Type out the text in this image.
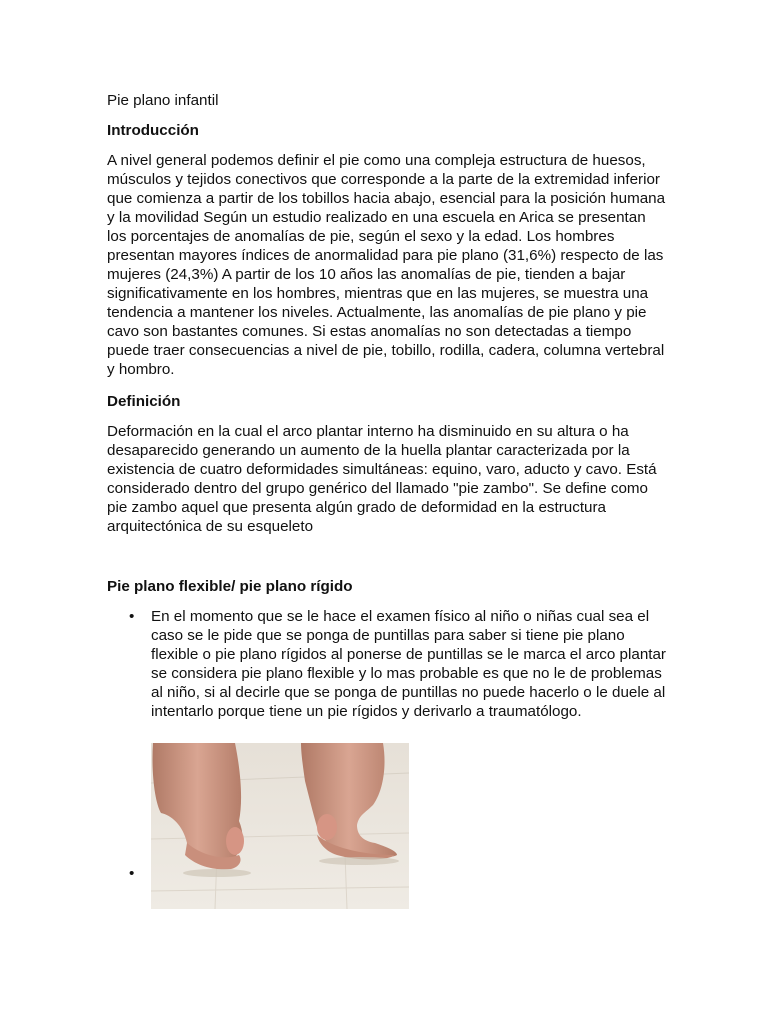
Pie plano infantil

Introducción

A nivel general podemos definir el pie como una compleja estructura de huesos, músculos y tejidos conectivos que corresponde a la parte de la extremidad inferior que comienza a partir de los tobillos hacia abajo, esencial para la posición humana y la movilidad Según un estudio realizado en una escuela en Arica se presentan los porcentajes de anomalías de pie, según el sexo y la edad. Los hombres presentan mayores índices de anormalidad para pie plano (31,6%) respecto de las mujeres (24,3%) A partir de los 10 años las anomalías de pie, tienden a bajar significativamente en los hombres, mientras que en las mujeres, se muestra una tendencia a mantener los niveles. Actualmente, las anomalías de pie plano y pie cavo son bastantes comunes. Si estas anomalías no son detectadas a tiempo puede traer consecuencias a nivel de pie, tobillo, rodilla, cadera, columna vertebral y hombro.

Definición

Deformación en la cual el arco plantar interno ha disminuido en su altura o ha desaparecido generando un aumento de la huella plantar caracterizada por la existencia de cuatro deformidades simultáneas: equino, varo, aducto y cavo. Está considerado dentro del grupo genérico del llamado "pie zambo". Se define como pie zambo aquel que presenta algún grado de deformidad en la estructura arquitectónica de su esqueleto

Pie plano flexible/ pie plano rígido

• En el momento que se le hace el examen físico al niño o niñas cual sea el caso se le pide que se ponga de puntillas para saber si tiene pie plano flexible o pie plano rígidos al ponerse de puntillas se le marca el arco plantar se considera pie plano flexible y lo mas probable es que no le de problemas al niño, si al decirle que se ponga de puntillas no puede hacerlo o le duele al intentarlo porque tiene un pie rígidos y derivarlo a traumatólogo.
•
